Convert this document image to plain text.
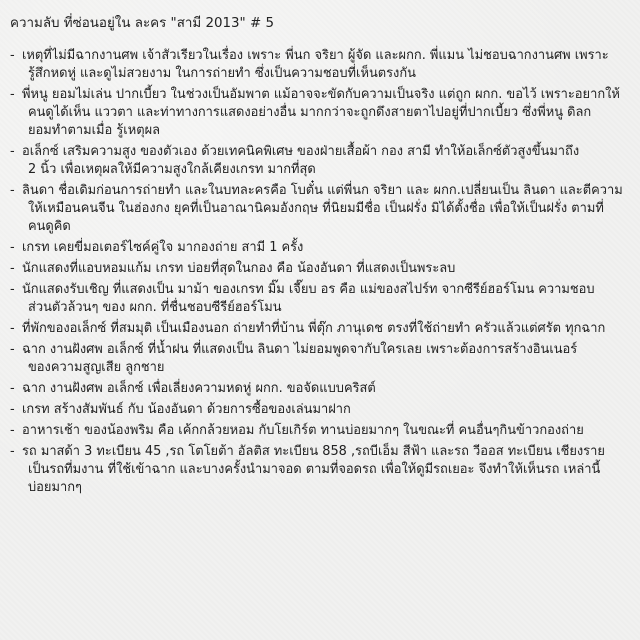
ความลับ ที่ซ่อนอยู่ใน ละคร "สามี 2013" # 5
- เหตุที่ไม่มีฉากงานศพ เจ้าสัวเรียวในเรื่อง เพราะ พี่นก จริยา ผู้จัด และผกก. พี่แมน ไม่ชอบฉากงานศพ เพราะ
รู้สึกหดหู่ และดูไม่สวยงาม ในการถ่ายทำ ซึ่งเป็นความชอบที่เห็นตรงกัน
- พี่หนู ยอมไม่เล่น ปากเบี้ยว ในช่วงเป็นอัมพาต แม้อาจจะขัดกับความเป็นจริง แต่ถูก ผกก. ขอไว้ เพราะอยากให้
คนดูได้เห็น แววตา และท่าทางการแสดงอย่างอื่น มากกว่าจะถูกดึงสายตาไปอยู่ที่ปากเบี้ยว ซึ่งพี่หนู ดิลก
ยอมทำตามเมื่อ รู้เหตุผล
- อเล็กซ์ เสริมความสูง ของตัวเอง ด้วยเทคนิคพิเศษ ของฝ่ายเสื้อผ้า กอง สามี ทำให้อเล็กซ์ตัวสูงขึ้นมาถึง
2 นิ้ว เพื่อเหตุผลให้มีความสูงใกล้เคียงเกรท มากที่สุด
- ลินดา ชื่อเดิมก่อนการถ่ายทำ และในบทละครคือ โบตั๋น แต่พี่นก จริยา และ ผกก.เปลี่ยนเป็น ลินดา และตีความ
ให้เหมือนคนจีน ในฮ่องกง ยุคที่เป็นอาณานิคมอังกฤษ ที่นิยมมีชื่อ เป็นฝรั่ง มิได้ตั้งชื่อ เพื่อให้เป็นฝรั่ง ตามที่
คนดูคิด
- เกรท เคยขี่มอเตอร์ไซค์คู่ใจ มากองถ่าย สามี 1 ครั้ง
- นักแสดงที่แอบหอมแก้ม เกรท บ่อยที่สุดในกอง คือ น้องอันดา ที่แสดงเป็นพระลบ
- นักแสดงรับเชิญ ที่แสดงเป็น มาม้า ของเกรท มิ๊ม เจี๊ยบ อร คือ แม่ของสไปร์ท จากซีรีย์ฮอร์โมน ความชอบ
ส่วนตัวล้วนๆ ของ ผกก. ที่ชื่นชอบซีรีย์ฮอร์โมน
- ที่พักของอเล็กซ์ ที่สมมุติ เป็นเมืองนอก ถ่ายทำที่บ้าน พี่ตุ๊ก ภานุเดช ตรงที่ใช้ถ่ายทำ ครัวแล้วแต่ศรัต ทุกฉาก
- ฉาก งานฝังศพ อเล็กซ์ ที่น้ำฝน ที่แสดงเป็น ลินดา ไม่ยอมพูดจากับใครเลย เพราะต้องการสร้างอินเนอร์
ของความสูญเสีย ลูกชาย
- ฉาก งานฝังศพ อเล็กซ์ เพื่อเลี่ยงความหดหู่ ผกก. ขอจัดแบบคริสต์
- เกรท สร้างสัมพันธ์ กับ น้องอันดา ด้วยการซื้อของเล่นมาฝาก
- อาหารเช้า ของน้องพริม คือ เค้กกล้วยหอม กับโยเกิร์ต ทานบ่อยมากๆ ในขณะที่ คนอื่นๆกินข้าวกองถ่าย
- รถ มาสด้า 3 ทะเบียน 45 ,รถ โตโยต้า อัลติส ทะเบียน 858 ,รถบีเอ็ม สีฟ้า และรถ วีออส ทะเบียน เชียงราย
เป็นรถที่มงาน ที่ใช้เข้าฉาก และบางครั้งนำมาจอด ตามที่จอดรถ เพื่อให้ดูมีรถเยอะ จึงทำให้เห็นรถ เหล่านี้
บ่อยมากๆ
